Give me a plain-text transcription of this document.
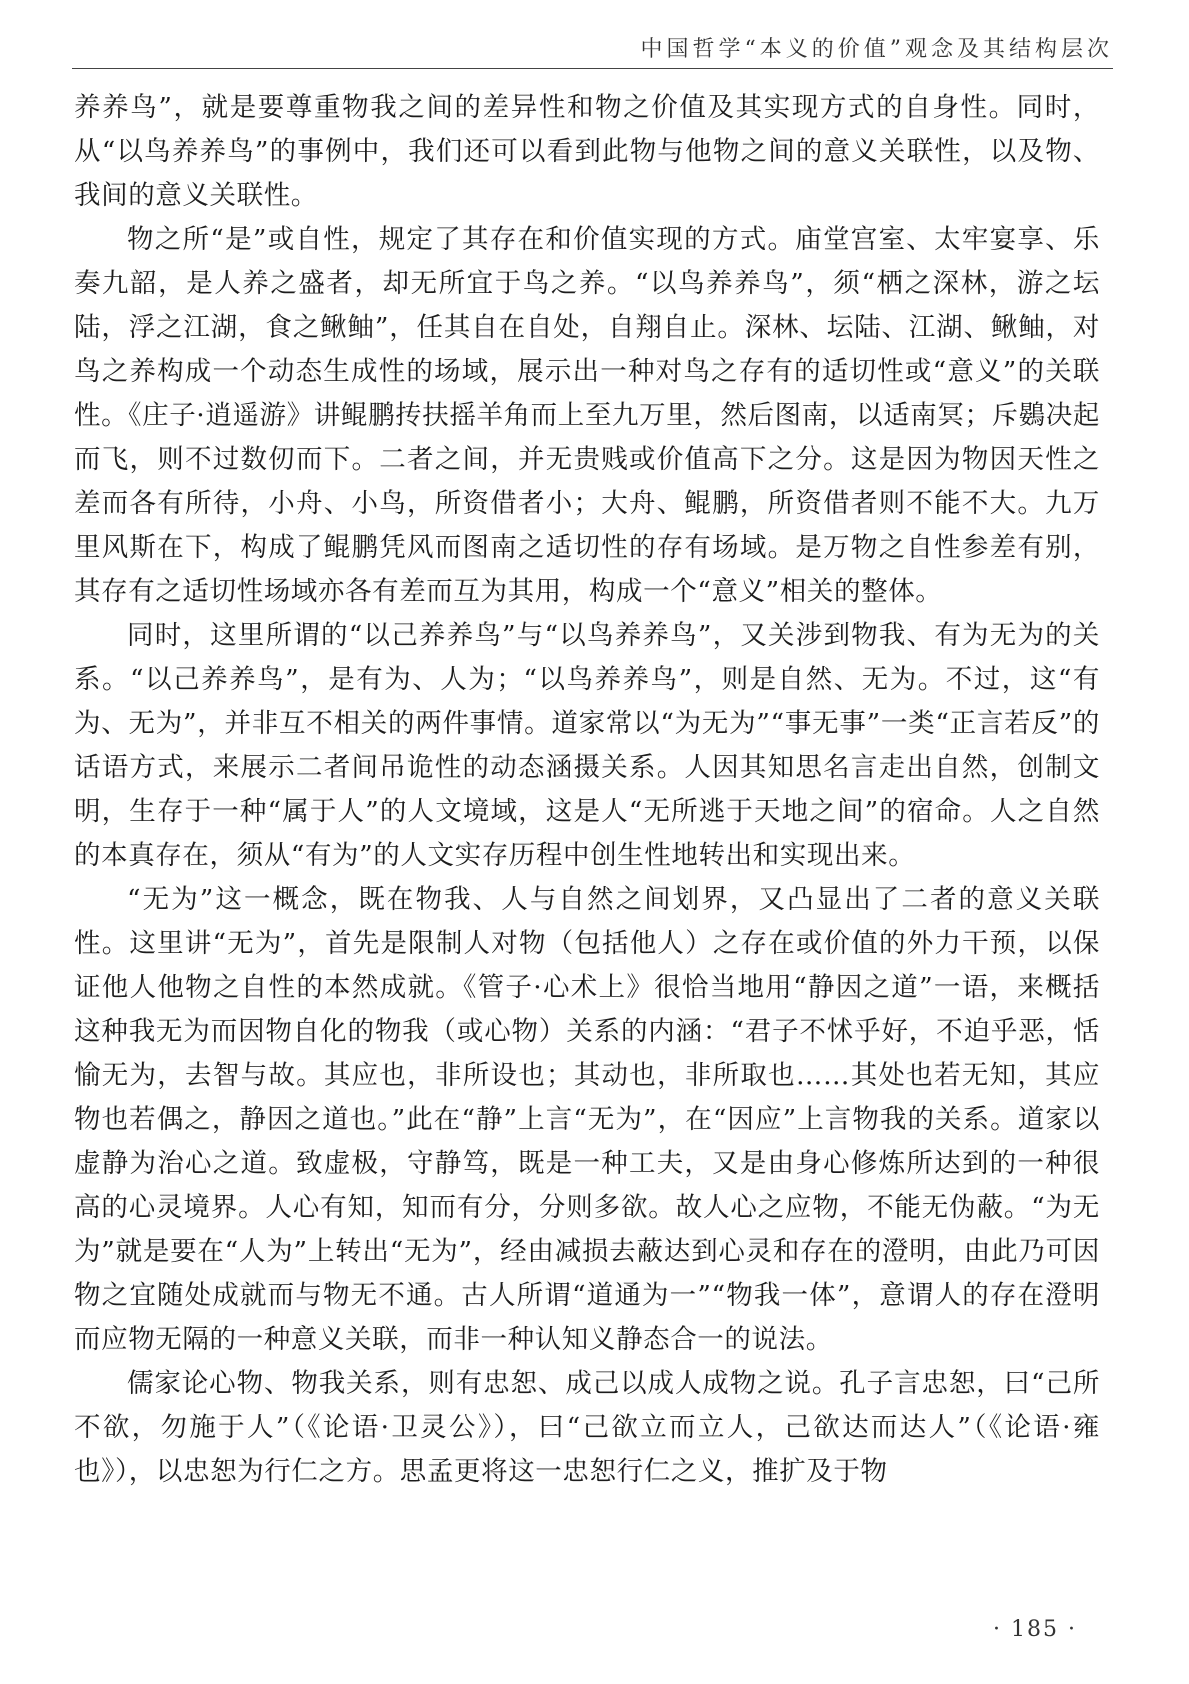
中国哲学“本义的价值”观念及其结构层次

养养鸟”，就是要尊重物我之间的差异性和物之价值及其实现方式的自身性。同时，从“以鸟养养鸟”的事例中，我们还可以看到此物与他物之间的意义关联性，以及物、我间的意义关联性。

物之所“是”或自性，规定了其存在和价值实现的方式。庙堂宫室、太牢宴享、乐奏九韶，是人养之盛者，却无所宜于鸟之养。“以鸟养养鸟”，须“栖之深林，游之坛陆，浮之江湖，食之鳅鲉”，任其自在自处，自翔自止。深林、坛陆、江湖、鳅鲉，对鸟之养构成一个动态生成性的场域，展示出一种对鸟之存有的适切性或“意义”的关联性。《庄子·逍遥游》讲鲲鹏抟扶摇羊角而上至九万里，然后图南，以适南冥；斥鷃决起而飞，则不过数仞而下。二者之间，并无贵贱或价值高下之分。这是因为物因天性之差而各有所待，小舟、小鸟，所资借者小；大舟、鲲鹏，所资借者则不能不大。九万里风斯在下，构成了鲲鹏凭风而图南之适切性的存有场域。是万物之自性参差有别，其存有之适切性场域亦各有差而互为其用，构成一个“意义”相关的整体。

同时，这里所谓的“以己养养鸟”与“以鸟养养鸟”，又关涉到物我、有为无为的关系。“以己养养鸟”，是有为、人为；“以鸟养养鸟”，则是自然、无为。不过，这“有为、无为”，并非互不相关的两件事情。道家常以“为无为”“事无事”一类“正言若反”的话语方式，来展示二者间吊诡性的动态涵摄关系。人因其知思名言走出自然，创制文明，生存于一种“属于人”的人文境域，这是人“无所逃于天地之间”的宿命。人之自然的本真存在，须从“有为”的人文实存历程中创生性地转出和实现出来。

“无为”这一概念，既在物我、人与自然之间划界，又凸显出了二者的意义关联性。这里讲“无为”，首先是限制人对物（包括他人）之存在或价值的外力干预，以保证他人他物之自性的本然成就。《管子·心术上》很恰当地用“静因之道”一语，来概括这种我无为而因物自化的物我（或心物）关系的内涵：“君子不怵乎好，不迫乎恶，恬愉无为，去智与故。其应也，非所设也；其动也，非所取也……其处也若无知，其应物也若偶之，静因之道也。”此在“静”上言“无为”，在“因应”上言物我的关系。道家以虚静为治心之道。致虚极，守静笃，既是一种工夫，又是由身心修炼所达到的一种很高的心灵境界。人心有知，知而有分，分则多欲。故人心之应物，不能无伪蔽。“为无为”就是要在“人为”上转出“无为”，经由减损去蔽达到心灵和存在的澄明，由此乃可因物之宜随处成就而与物无不通。古人所谓“道通为一”“物我一体”，意谓人的存在澄明而应物无隔的一种意义关联，而非一种认知义静态合一的说法。

儒家论心物、物我关系，则有忠恕、成己以成人成物之说。孔子言忠恕，曰“己所不欲，勿施于人”（《论语·卫灵公》），曰“己欲立而立人，己欲达而达人”（《论语·雍也》），以忠恕为行仁之方。思孟更将这一忠恕行仁之义，推扩及于物

· 185 ·
